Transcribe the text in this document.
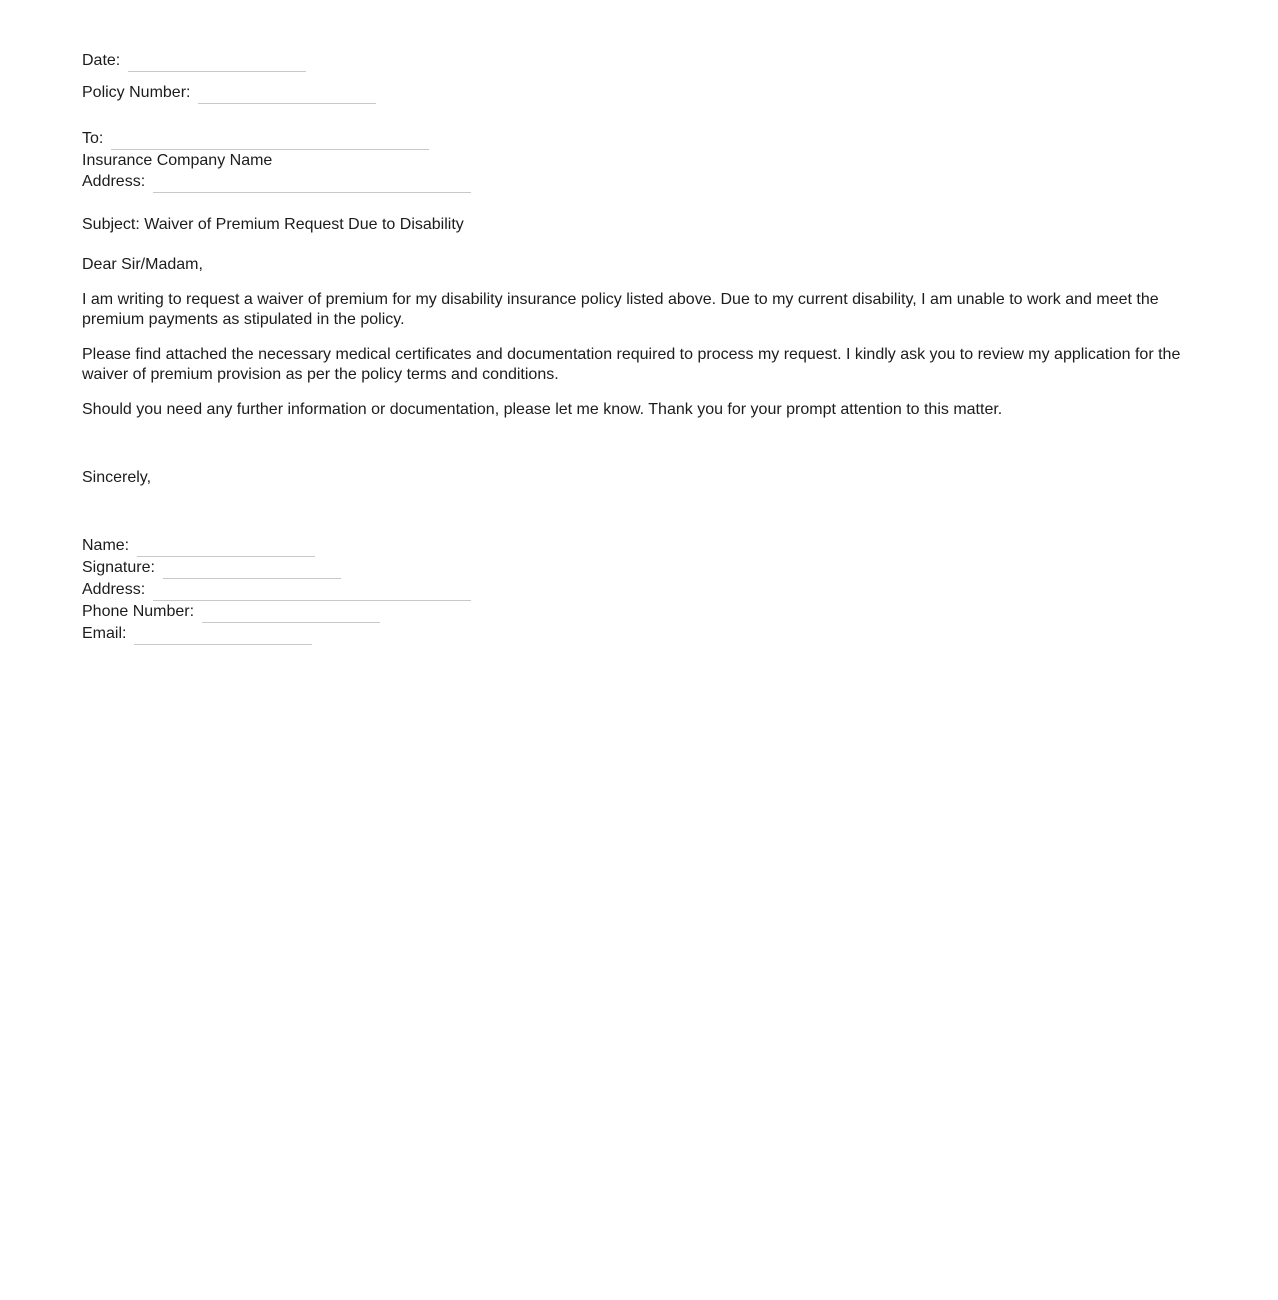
Date:
Policy Number:
To:
Insurance Company Name
Address:

Subject: Waiver of Premium Request Due to Disability

Dear Sir/Madam,

I am writing to request a waiver of premium for my disability insurance policy listed above. Due to my current disability, I am unable to work and meet the premium payments as stipulated in the policy.

Please find attached the necessary medical certificates and documentation required to process my request. I kindly ask you to review my application for the waiver of premium provision as per the policy terms and conditions.

Should you need any further information or documentation, please let me know. Thank you for your prompt attention to this matter.

Sincerely,

Name:
Signature:
Address:
Phone Number:
Email:
